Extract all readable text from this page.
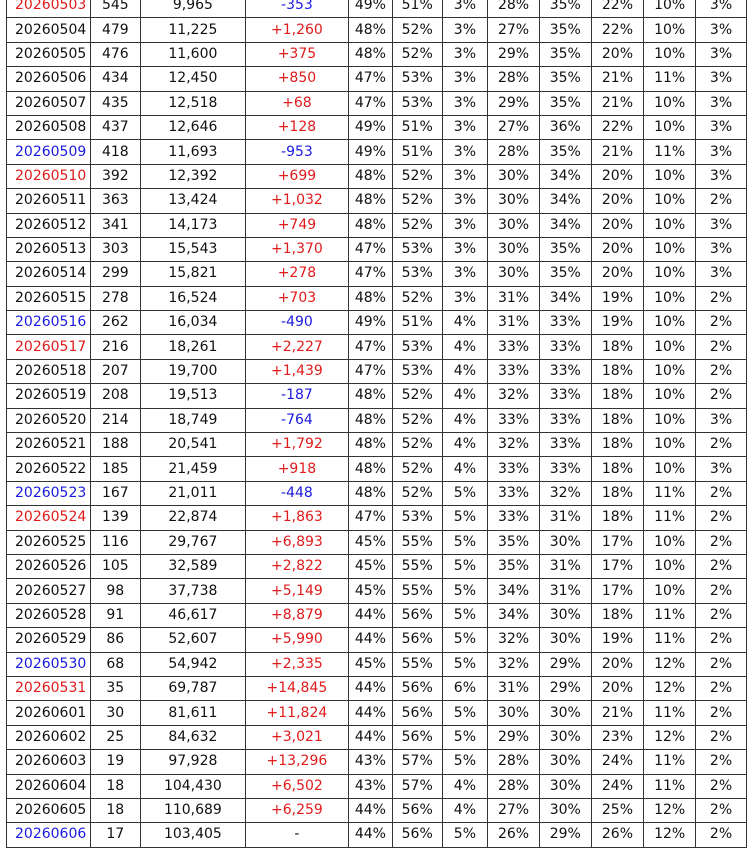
20260503	545	9,965	-353	49%	51%	3%	28%	35%	22%	10%	3%
20260504	479	11,225	+1,260	48%	52%	3%	27%	35%	22%	10%	3%
20260505	476	11,600	+375	48%	52%	3%	29%	35%	20%	10%	3%
20260506	434	12,450	+850	47%	53%	3%	28%	35%	21%	11%	3%
20260507	435	12,518	+68	47%	53%	3%	29%	35%	21%	10%	3%
20260508	437	12,646	+128	49%	51%	3%	27%	36%	22%	10%	3%
20260509	418	11,693	-953	49%	51%	3%	28%	35%	21%	11%	3%
20260510	392	12,392	+699	48%	52%	3%	30%	34%	20%	10%	3%
20260511	363	13,424	+1,032	48%	52%	3%	30%	34%	20%	10%	2%
20260512	341	14,173	+749	48%	52%	3%	30%	34%	20%	10%	3%
20260513	303	15,543	+1,370	47%	53%	3%	30%	35%	20%	10%	3%
20260514	299	15,821	+278	47%	53%	3%	30%	35%	20%	10%	3%
20260515	278	16,524	+703	48%	52%	3%	31%	34%	19%	10%	2%
20260516	262	16,034	-490	49%	51%	4%	31%	33%	19%	10%	2%
20260517	216	18,261	+2,227	47%	53%	4%	33%	33%	18%	10%	2%
20260518	207	19,700	+1,439	47%	53%	4%	33%	33%	18%	10%	2%
20260519	208	19,513	-187	48%	52%	4%	32%	33%	18%	10%	2%
20260520	214	18,749	-764	48%	52%	4%	33%	33%	18%	10%	3%
20260521	188	20,541	+1,792	48%	52%	4%	32%	33%	18%	10%	2%
20260522	185	21,459	+918	48%	52%	4%	33%	33%	18%	10%	3%
20260523	167	21,011	-448	48%	52%	5%	33%	32%	18%	11%	2%
20260524	139	22,874	+1,863	47%	53%	5%	33%	31%	18%	11%	2%
20260525	116	29,767	+6,893	45%	55%	5%	35%	30%	17%	10%	2%
20260526	105	32,589	+2,822	45%	55%	5%	35%	31%	17%	10%	2%
20260527	98	37,738	+5,149	45%	55%	5%	34%	31%	17%	10%	2%
20260528	91	46,617	+8,879	44%	56%	5%	34%	30%	18%	11%	2%
20260529	86	52,607	+5,990	44%	56%	5%	32%	30%	19%	11%	2%
20260530	68	54,942	+2,335	45%	55%	5%	32%	29%	20%	12%	2%
20260531	35	69,787	+14,845	44%	56%	6%	31%	29%	20%	12%	2%
20260601	30	81,611	+11,824	44%	56%	5%	30%	30%	21%	11%	2%
20260602	25	84,632	+3,021	44%	56%	5%	29%	30%	23%	12%	2%
20260603	19	97,928	+13,296	43%	57%	5%	28%	30%	24%	11%	2%
20260604	18	104,430	+6,502	43%	57%	4%	28%	30%	24%	11%	2%
20260605	18	110,689	+6,259	44%	56%	4%	27%	30%	25%	12%	2%
20260606	17	103,405	-	44%	56%	5%	26%	29%	26%	12%	2%
